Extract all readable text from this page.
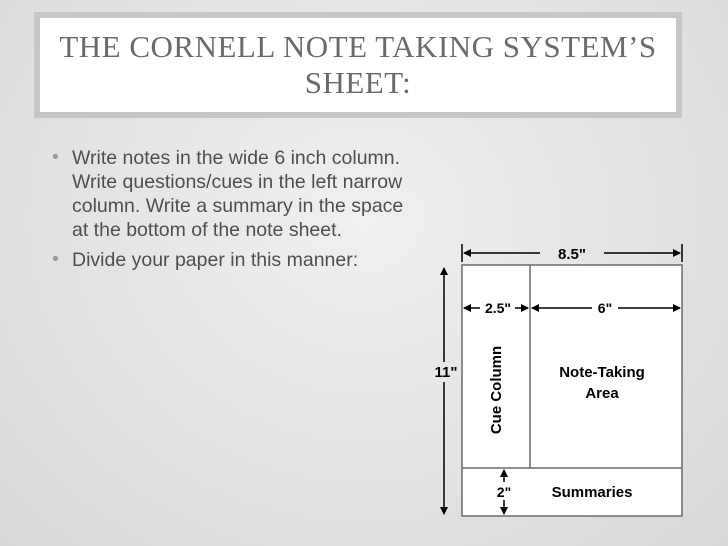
THE CORNELL NOTE TAKING SYSTEM’S SHEET:
• Write notes in the wide 6 inch column. Write questions/cues in the left narrow column. Write a summary in the space at the bottom of the note sheet.
• Divide your paper in this manner:	8.5"
11"
2.5"	6"
Cue Column	Note-Taking
Area
2"	Summaries
